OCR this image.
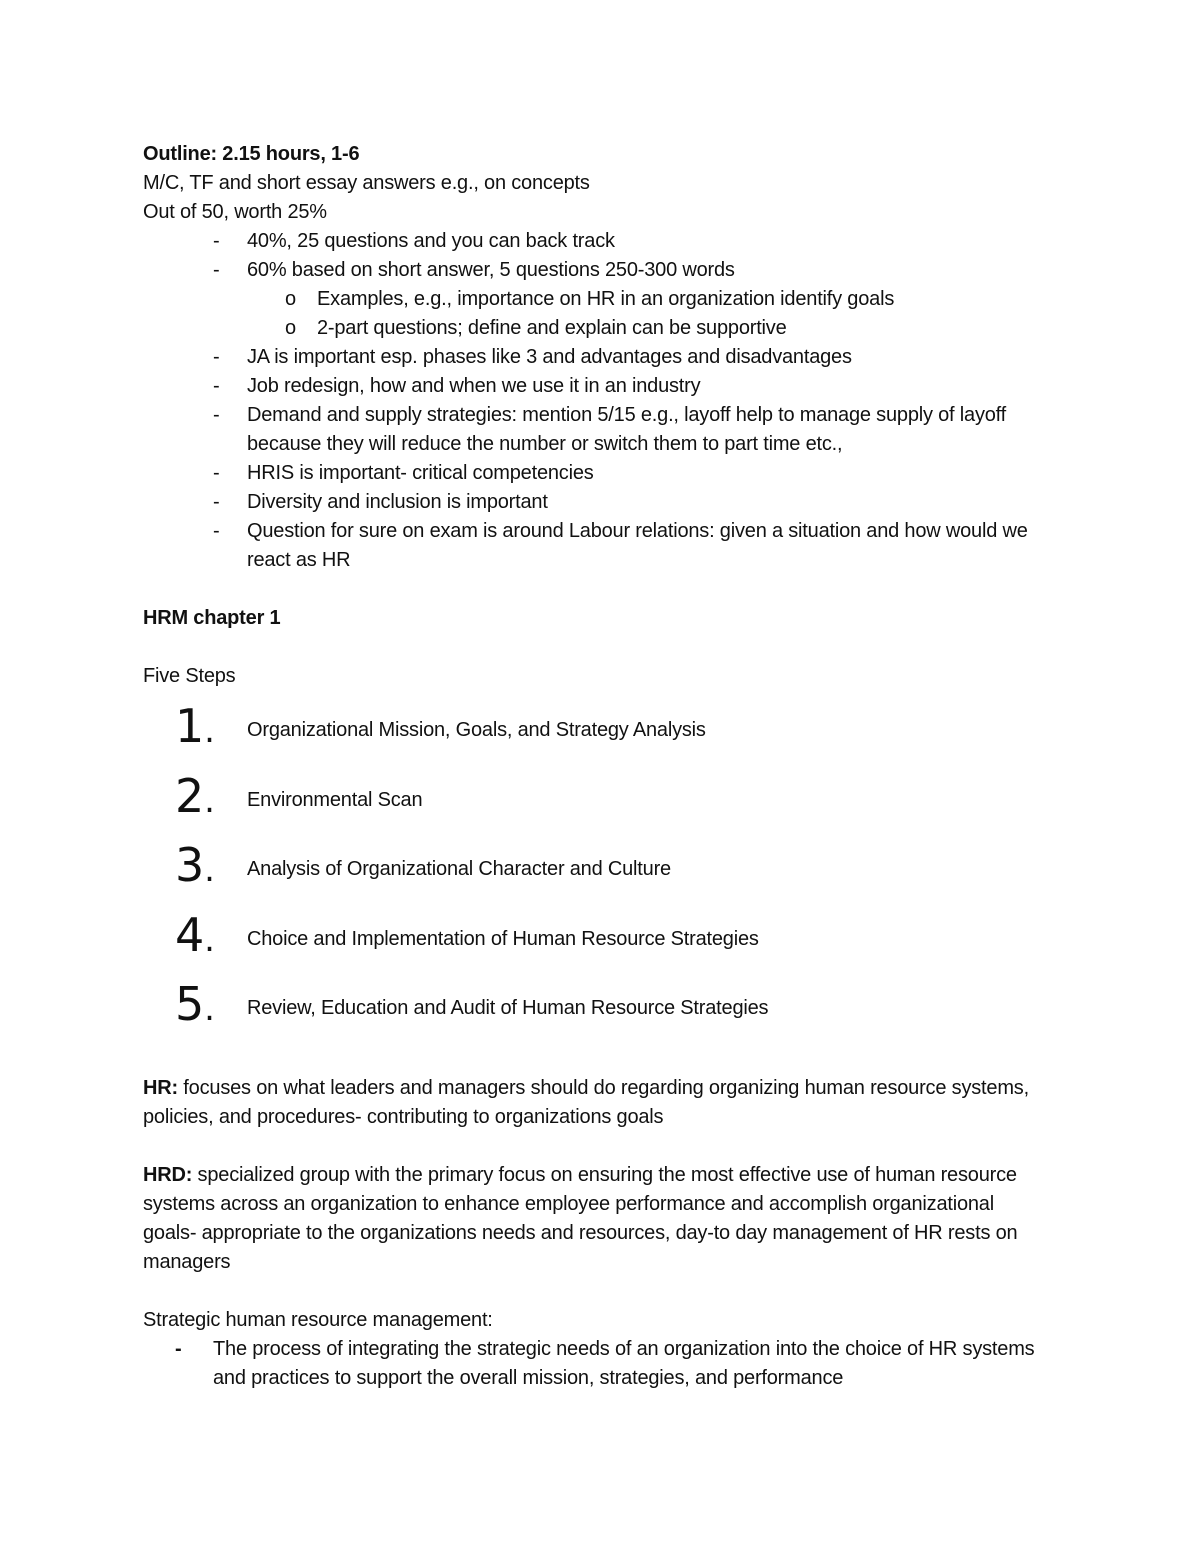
Outline: 2.15 hours, 1-6

M/C, TF and short essay answers e.g., on concepts

Out of 50, worth 25%

- 40%, 25 questions and you can back track
- 60% based on short answer, 5 questions 250-300 words
o Examples, e.g., importance on HR in an organization identify goals
o 2-part questions; define and explain can be supportive
- JA is important esp. phases like 3 and advantages and disadvantages
- Job redesign, how and when we use it in an industry
- Demand and supply strategies: mention 5/15 e.g., layoff help to manage supply of layoff because they will reduce the number or switch them to part time etc.,
- HRIS is important- critical competencies
- Diversity and inclusion is important
- Question for sure on exam is around Labour relations: given a situation and how would we react as HR

HRM chapter 1

Five Steps

1. Organizational Mission, Goals, and Strategy Analysis
2. Environmental Scan
3. Analysis of Organizational Character and Culture
4. Choice and Implementation of Human Resource Strategies
5. Review, Education and Audit of Human Resource Strategies

HR: focuses on what leaders and managers should do regarding organizing human resource systems, policies, and procedures- contributing to organizations goals

HRD: specialized group with the primary focus on ensuring the most effective use of human resource systems across an organization to enhance employee performance and accomplish organizational goals- appropriate to the organizations needs and resources, day-to day management of HR rests on managers

Strategic human resource management:

- The process of integrating the strategic needs of an organization into the choice of HR systems and practices to support the overall mission, strategies, and performance
